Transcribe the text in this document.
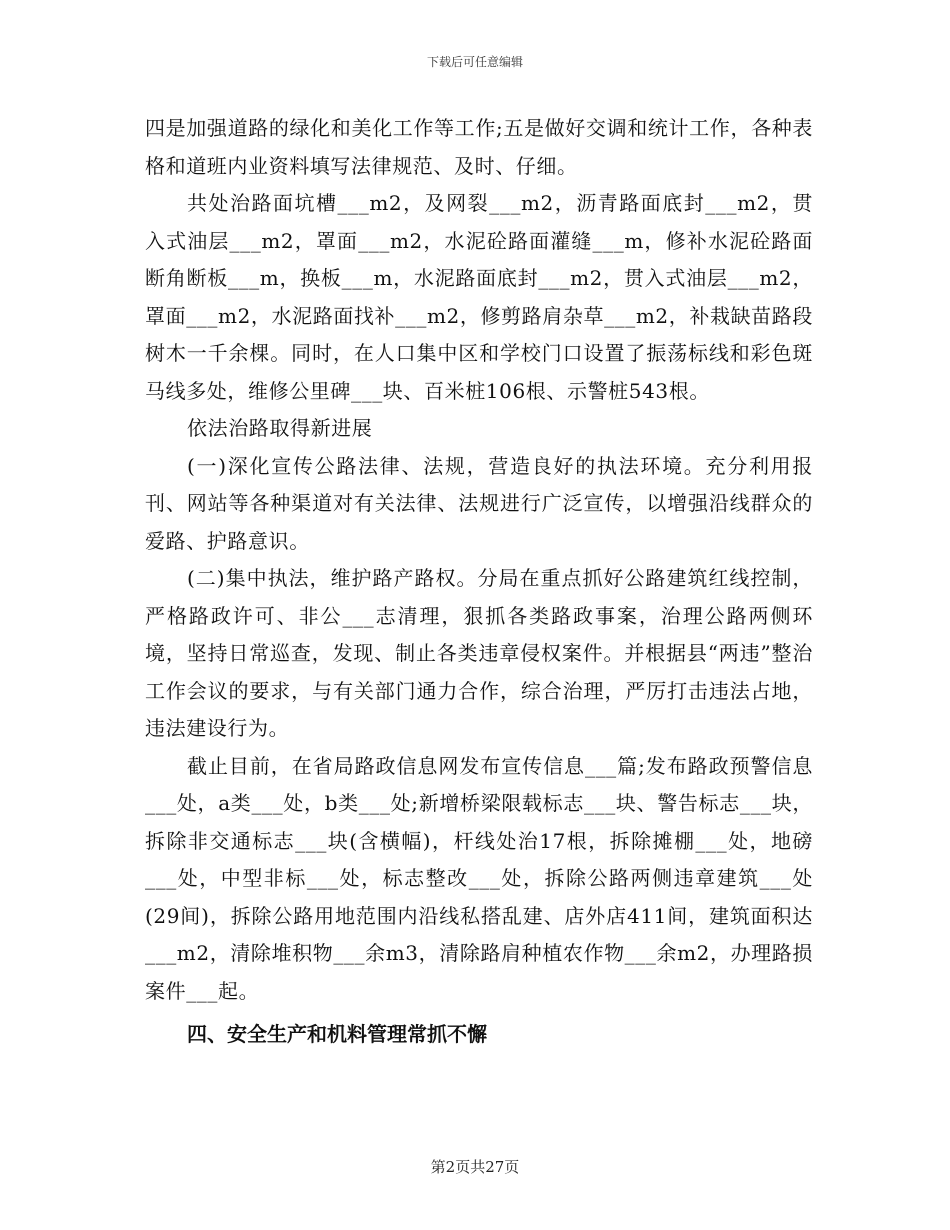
下载后可任意编辑

四是加强道路的绿化和美化工作等工作;五是做好交调和统计工作，各种表格和道班内业资料填写法律规范、及时、仔细。

共处治路面坑槽___m2，及网裂___m2，沥青路面底封___m2，贯入式油层___m2，罩面___m2，水泥砼路面灌缝___m，修补水泥砼路面断角断板___m，换板___m，水泥路面底封___m2，贯入式油层___m2，罩面___m2，水泥路面找补___m2，修剪路肩杂草___m2，补栽缺苗路段树木一千余棵。同时，在人口集中区和学校门口设置了振荡标线和彩色斑马线多处，维修公里碑___块、百米桩106根、示警桩543根。

依法治路取得新进展

(一)深化宣传公路法律、法规，营造良好的执法环境。充分利用报刊、网站等各种渠道对有关法律、法规进行广泛宣传，以增强沿线群众的爱路、护路意识。

(二)集中执法，维护路产路权。分局在重点抓好公路建筑红线控制，严格路政许可、非公___志清理，狠抓各类路政事案，治理公路两侧环境，坚持日常巡查，发现、制止各类违章侵权案件。并根据县“两违”整治工作会议的要求，与有关部门通力合作，综合治理，严厉打击违法占地，违法建设行为。

截止目前，在省局路政信息网发布宣传信息___篇;发布路政预警信息___处，a类___处，b类___处;新增桥梁限载标志___块、警告标志___块，拆除非交通标志___块(含横幅)，杆线处治17根，拆除摊棚___处，地磅___处，中型非标___处，标志整改___处，拆除公路两侧违章建筑___处(29间)，拆除公路用地范围内沿线私搭乱建、店外店411间，建筑面积达___m2，清除堆积物___余m3，清除路肩种植农作物___余m2，办理路损案件___起。

四、安全生产和机料管理常抓不懈

第2页共27页
